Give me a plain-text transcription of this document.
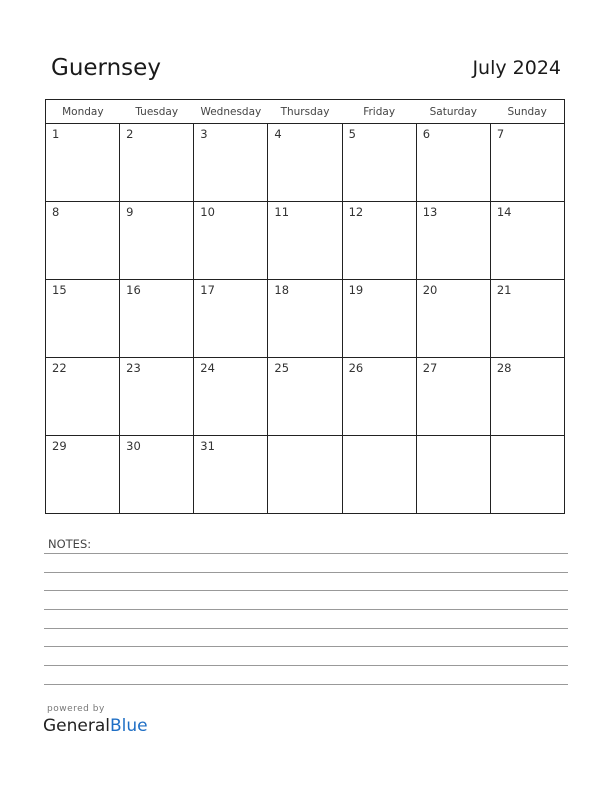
Guernsey	July 2024
Monday	Tuesday	Wednesday	Thursday	Friday	Saturday	Sunday
1	2	3	4	5	6	7
8	9	10	11	12	13	14
15	16	17	18	19	20	21
22	23	24	25	26	27	28
29	30	31				
NOTES:
powered by
GeneralBlue
